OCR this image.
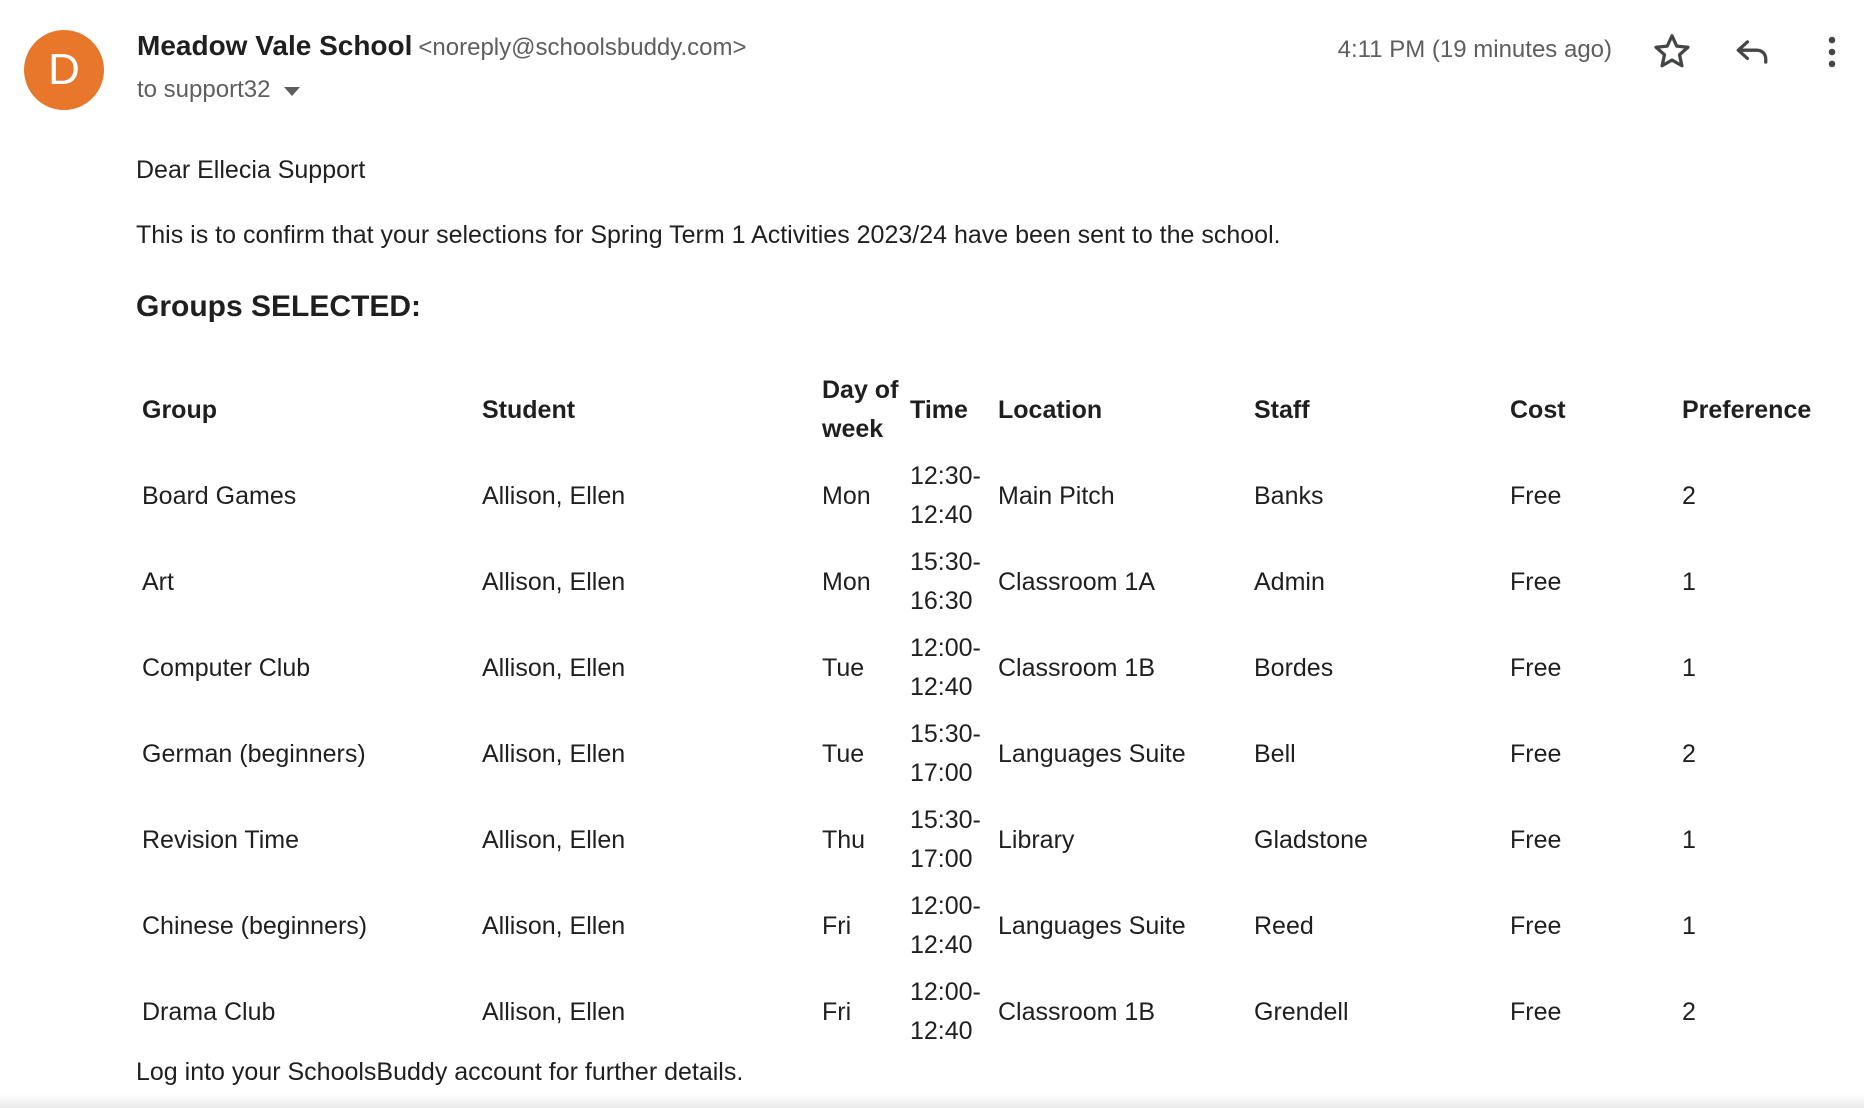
D	Meadow Vale School <noreply@schoolsbuddy.com>
to support32
4:11 PM (19 minutes ago)
Dear Ellecia Support
This is to confirm that your selections for Spring Term 1 Activities 2023/24 have been sent to the school.
Groups SELECTED:
Group	Student	Day of
week	Time	Location	Staff	Cost	Preference
Board Games	Allison, Ellen	Mon	12:30-
12:40	Main Pitch	Banks	Free	2
Art	Allison, Ellen	Mon	15:30-
16:30	Classroom 1A	Admin	Free	1
Computer Club	Allison, Ellen	Tue	12:00-
12:40	Classroom 1B	Bordes	Free	1
German (beginners)	Allison, Ellen	Tue	15:30-
17:00	Languages Suite	Bell	Free	2
Revision Time	Allison, Ellen	Thu	15:30-
17:00	Library	Gladstone	Free	1
Chinese (beginners)	Allison, Ellen	Fri	12:00-
12:40	Languages Suite	Reed	Free	1
Drama Club	Allison, Ellen	Fri	12:00-
12:40	Classroom 1B	Grendell	Free	2
Log into your SchoolsBuddy account for further details.
